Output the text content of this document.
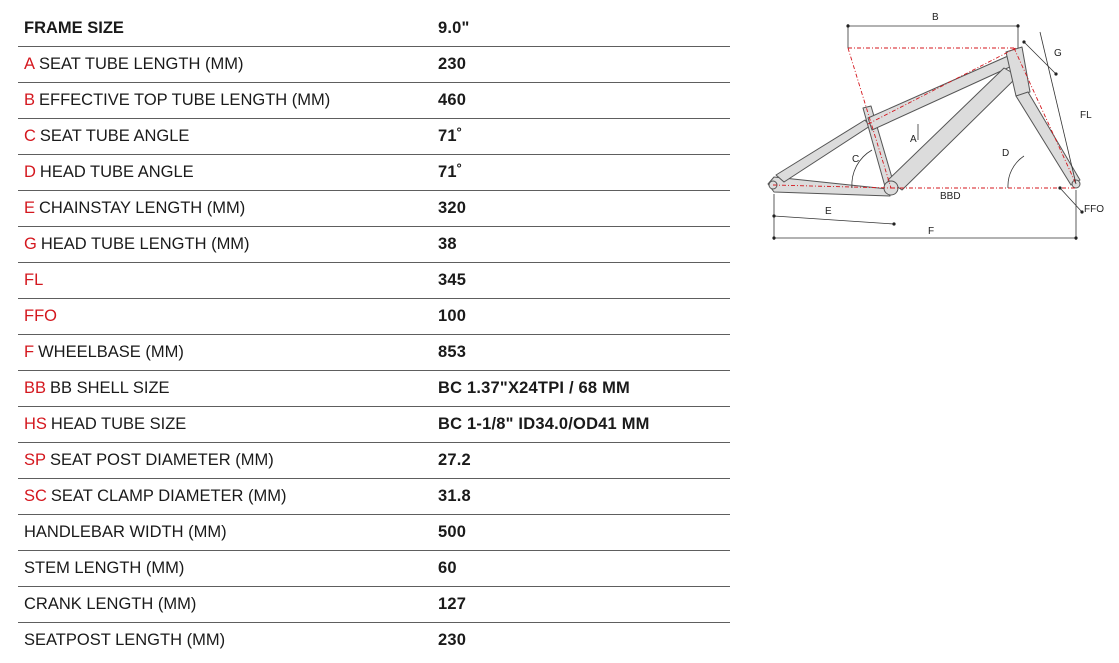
FRAME SIZE	9.0"
A SEAT TUBE LENGTH (MM)	230
B EFFECTIVE TOP TUBE LENGTH (MM)	460
C SEAT TUBE ANGLE	71˚
D HEAD TUBE ANGLE	71˚
E CHAINSTAY LENGTH (MM)	320
G HEAD TUBE LENGTH (MM)	38
FL	345
FFO	100
F WHEELBASE (MM)	853
BB BB SHELL SIZE	BC 1.37"X24TPI / 68 MM
HS HEAD TUBE SIZE	BC 1-1/8" ID34.0/OD41 MM
SP SEAT POST DIAMETER (MM)	27.2
SC SEAT CLAMP DIAMETER (MM)	31.8
HANDLEBAR WIDTH (MM)	500
STEM LENGTH (MM)	60
CRANK LENGTH (MM)	127
SEATPOST LENGTH (MM)	230
B
G
FL
A
C
D
BBD
FFO
E
F
